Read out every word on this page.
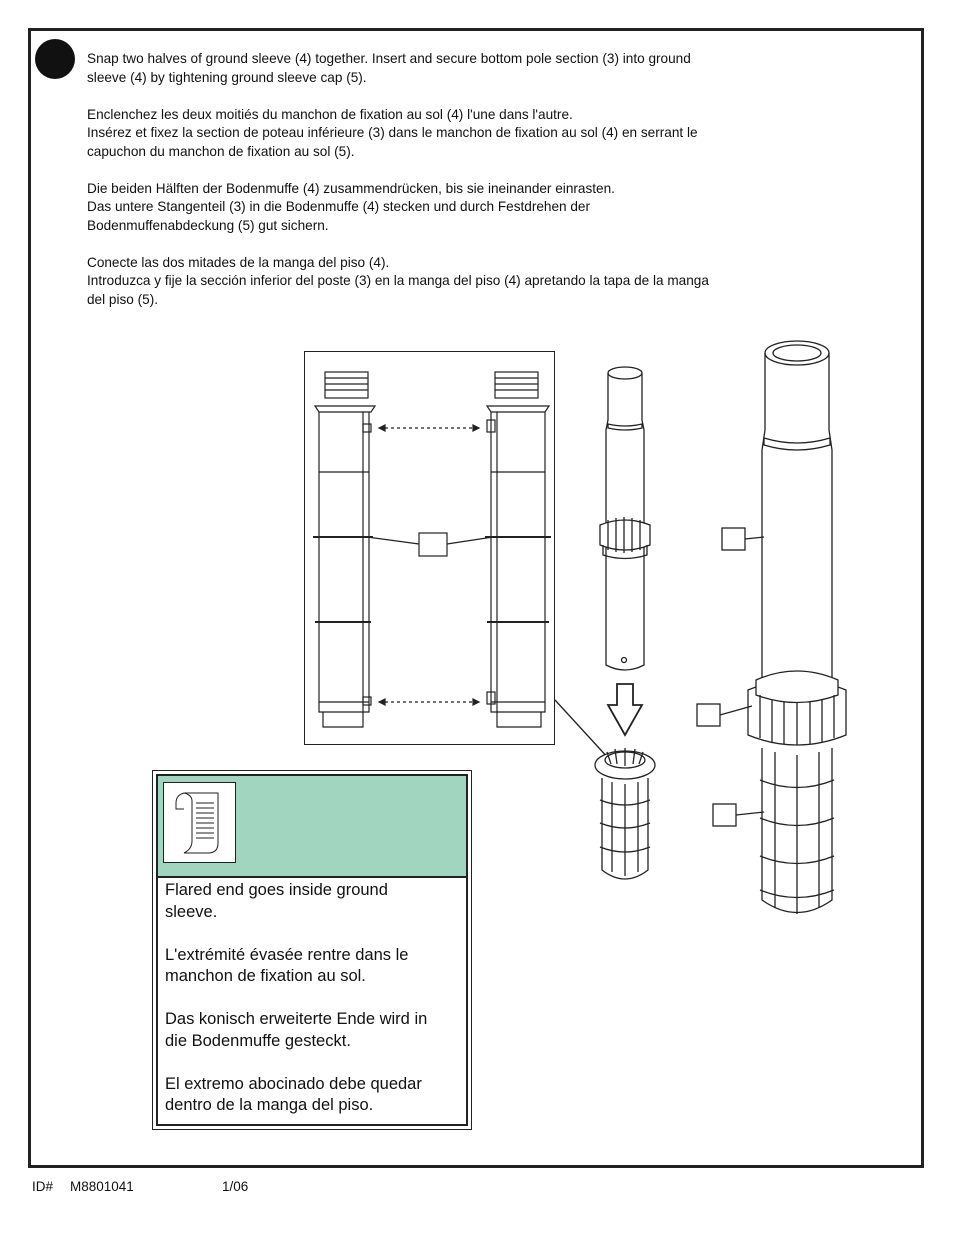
Snap two halves of ground sleeve (4) together. Insert and secure bottom pole section (3) into ground
sleeve (4) by tightening ground sleeve cap (5).

Enclenchez les deux moitiés du manchon de fixation au sol (4) l'une dans l'autre.
Insérez et fixez la section de poteau inférieure (3) dans le manchon de fixation au sol (4) en serrant le
capuchon du manchon de fixation au sol (5).

Die beiden Hälften der Bodenmuffe (4) zusammendrücken, bis sie ineinander einrasten.
Das untere Stangenteil (3) in die Bodenmuffe (4) stecken und durch Festdrehen der
Bodenmuffenabdeckung (5) gut sichern.

Conecte las dos mitades de la manga del piso (4).
Introduzca y fije la sección inferior del poste (3) en la manga del piso (4) apretando la tapa de la manga
del piso (5).

Flared end goes inside ground
sleeve.

L'extrémité évasée rentre dans le
manchon de fixation au sol.

Das konisch erweiterte Ende wird in
die Bodenmuffe gesteckt.

El extremo abocinado debe quedar
dentro de la manga del piso.

ID# M8801041	1/06
